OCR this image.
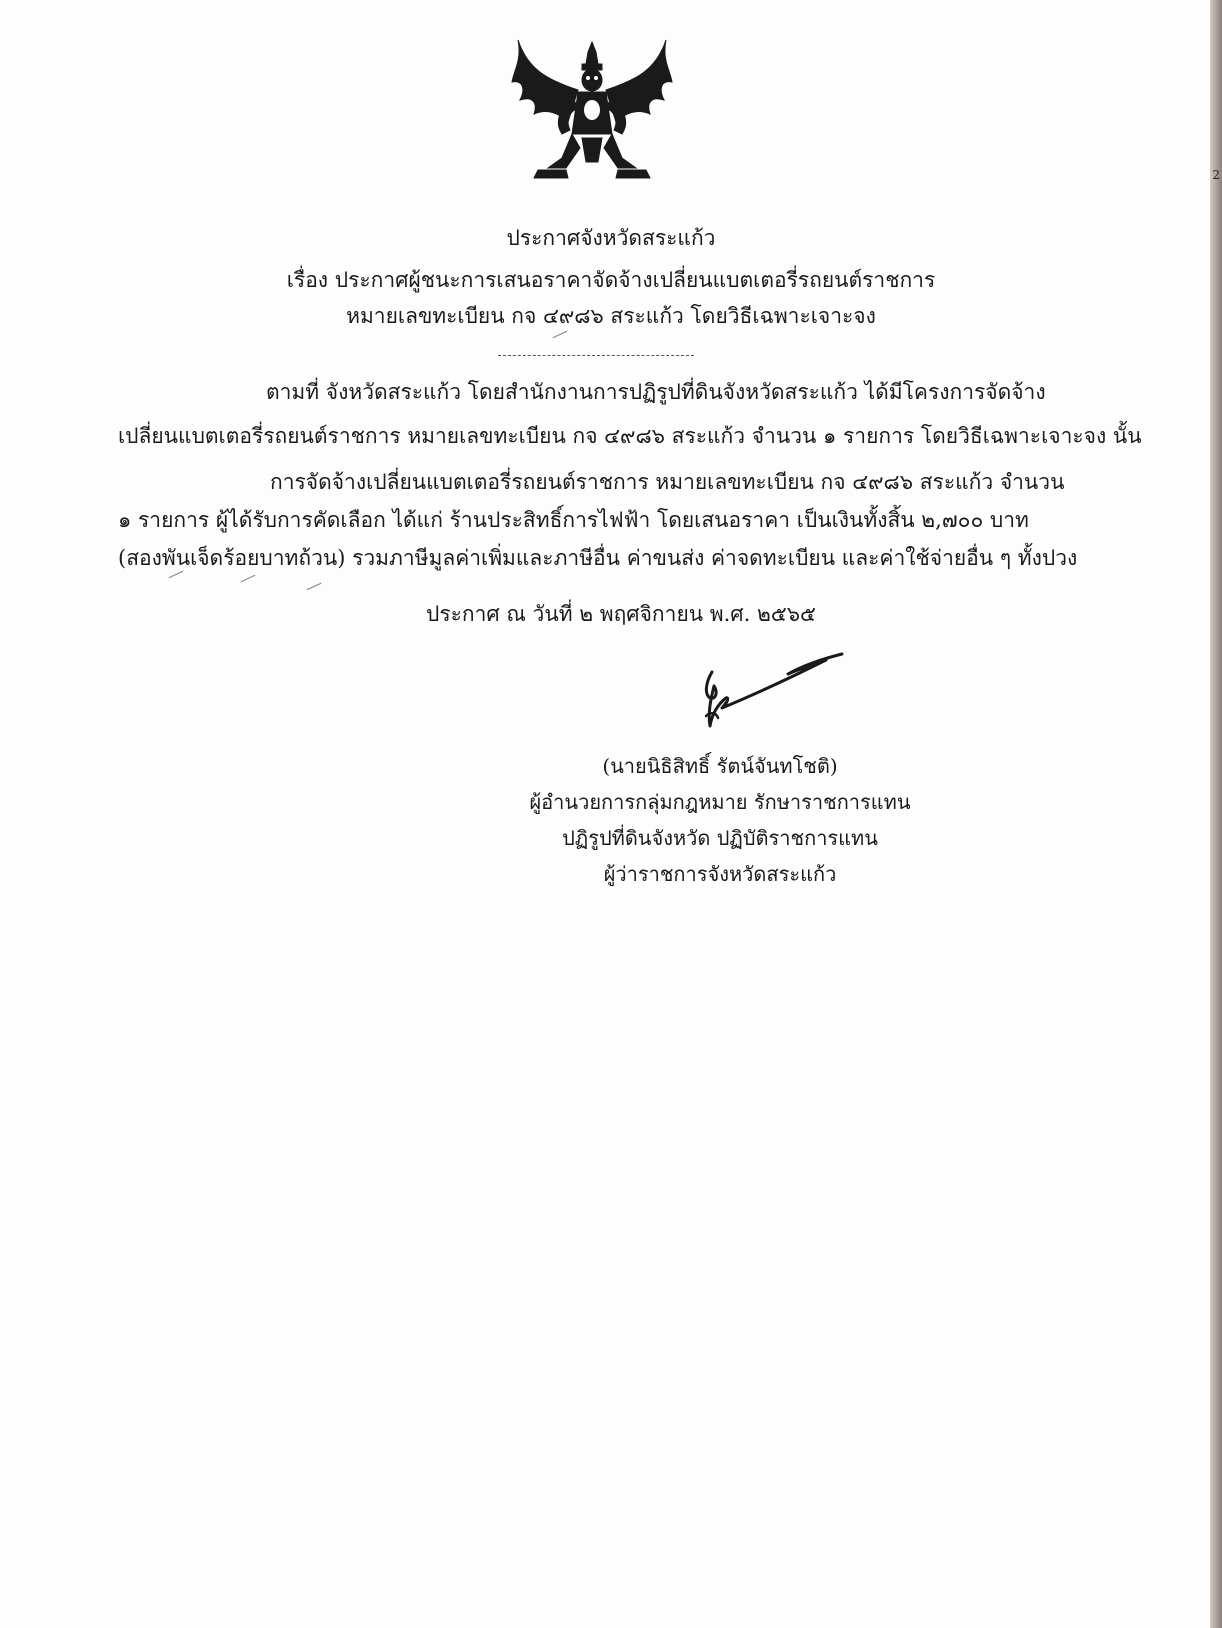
2
ประกาศจังหวัดสระแก้ว
เรื่อง ประกาศผู้ชนะการเสนอราคาจัดจ้างเปลี่ยนแบตเตอรี่รถยนต์ราชการ
หมายเลขทะเบียน กจ ๔๙๘๖ สระแก้ว โดยวิธีเฉพาะเจาะจง
ตามที่ จังหวัดสระแก้ว โดยสำนักงานการปฏิรูปที่ดินจังหวัดสระแก้ว ได้มีโครงการจัดจ้าง
เปลี่ยนแบตเตอรี่รถยนต์ราชการ หมายเลขทะเบียน กจ ๔๙๘๖ สระแก้ว จำนวน ๑ รายการ โดยวิธีเฉพาะเจาะจง นั้น
การจัดจ้างเปลี่ยนแบตเตอรี่รถยนต์ราชการ หมายเลขทะเบียน กจ ๔๙๘๖ สระแก้ว จำนวน
๑ รายการ ผู้ได้รับการคัดเลือก ได้แก่ ร้านประสิทธิ์การไฟฟ้า โดยเสนอราคา เป็นเงินทั้งสิ้น ๒,๗๐๐ บาท
(สองพันเจ็ดร้อยบาทถ้วน) รวมภาษีมูลค่าเพิ่มและภาษีอื่น ค่าขนส่ง ค่าจดทะเบียน และค่าใช้จ่ายอื่น ๆ ทั้งปวง
ประกาศ ณ วันที่ ๒ พฤศจิกายน พ.ศ. ๒๕๖๕
(นายนิธิสิทธิ์ รัตน์จันทโชติ)
ผู้อำนวยการกลุ่มกฎหมาย รักษาราชการแทน
ปฏิรูปที่ดินจังหวัด ปฏิบัติราชการแทน
ผู้ว่าราชการจังหวัดสระแก้ว
